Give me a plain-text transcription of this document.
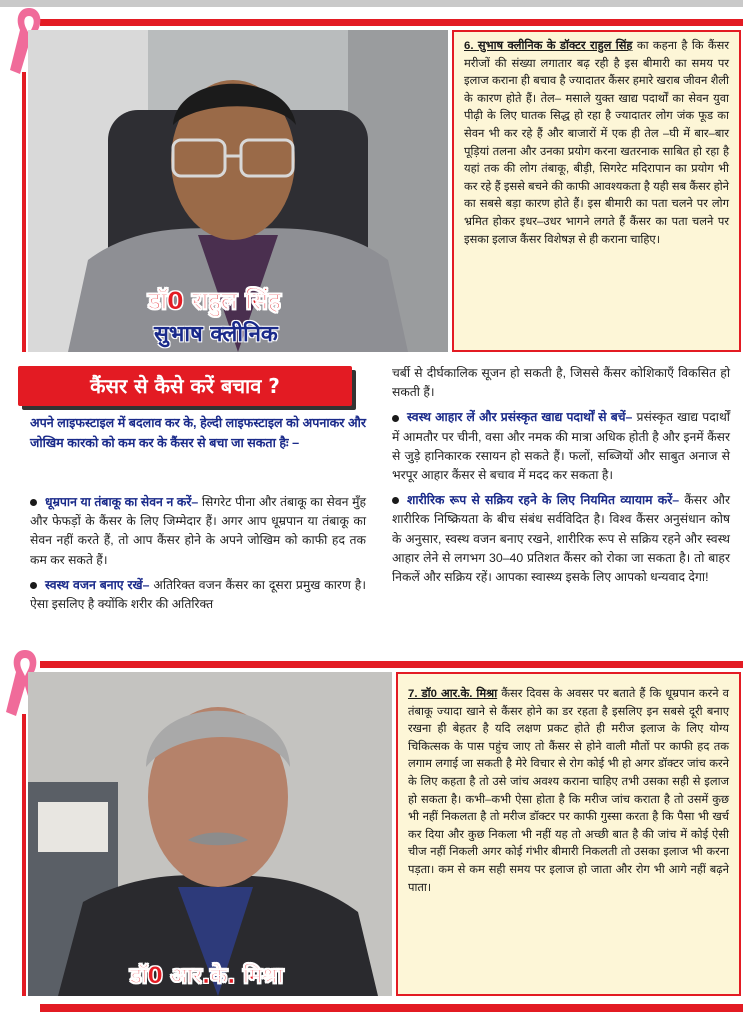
डॉ0 राहुल सिंह
सुभाष क्लीनिक

6. सुभाष क्लीनिक के डॉक्टर राहुल सिंह का कहना है कि कैंसर मरीजों की संख्या लगातार बढ़ रही है इस बीमारी का समय पर इलाज कराना ही बचाव है ज्यादातर कैंसर हमारे खराब जीवन शैली के कारण होते हैं। तेल– मसाले युक्त खाद्य पदार्थों का सेवन युवा पीढ़ी के लिए घातक सिद्ध हो रहा है ज्यादातर लोग जंक फूड का सेवन भी कर रहे हैं और बाजारों में एक ही तेल –घी में बार–बार पूड़ियां तलना और उनका प्रयोग करना खतरनाक साबित हो रहा है यहां तक की लोग तंबाकू, बीड़ी, सिगरेट मदिरापान का प्रयोग भी कर रहे हैं इससे बचने की काफी आवश्यकता है यही सब कैंसर होने का सबसे बड़ा कारण होते हैं। इस बीमारी का पता चलने पर लोग भ्रमित होकर इधर–उधर भागने लगते हैं कैंसर का पता चलने पर इसका इलाज कैंसर विशेषज्ञ से ही कराना चाहिए।

कैंसर से कैसे करें बचाव ?

अपने लाइफस्टाइल में बदलाव कर के, हेल्दी लाइफस्टाइल को अपनाकर और जोखिम कारको को कम कर के कैंसर से बचा जा सकता हैः –

धूम्रपान या तंबाकू का सेवन न करें– सिगरेट पीना और तंबाकू का सेवन मुँह और फेफड़ों के कैंसर के लिए जिम्मेदार हैं। अगर आप धूम्रपान या तंबाकू का सेवन नहीं करते हैं, तो आप कैंसर होने के अपने जोखिम को काफी हद तक कम कर सकते हैं।

स्वस्थ वजन बनाए रखें– अतिरिक्त वजन कैंसर का दूसरा प्रमुख कारण है। ऐसा इसलिए है क्योंकि शरीर की अतिरिक्त

चर्बी से दीर्घकालिक सूजन हो सकती है, जिससे कैंसर कोशिकाएँ विकसित हो सकती हैं।

स्वस्थ आहार लें और प्रसंस्कृत खाद्य पदार्थों से बचें– प्रसंस्कृत खाद्य पदार्थों में आमतौर पर चीनी, वसा और नमक की मात्रा अधिक होती है और इनमें कैंसर से जुड़े हानिकारक रसायन हो सकते हैं। फलों, सब्जियों और साबुत अनाज से भरपूर आहार कैंसर से बचाव में मदद कर सकता है।

शारीरिक रूप से सक्रिय रहने के लिए नियमित व्यायाम करें– कैंसर और शारीरिक निष्क्रियता के बीच संबंध सर्वविदित है। विश्व कैंसर अनुसंधान कोष के अनुसार, स्वस्थ वजन बनाए रखने, शारीरिक रूप से सक्रिय रहने और स्वस्थ आहार लेने से लगभग 30–40 प्रतिशत कैंसर को रोका जा सकता है। तो बाहर निकलें और सक्रिय रहें। आपका स्वास्थ्य इसके लिए आपको धन्यवाद देगा!

डॉ0 आर.के. मिश्रा

7. डॉ0 आर.के. मिश्रा कैंसर दिवस के अवसर पर बताते हैं कि धूम्रपान करने व तंबाकू ज्यादा खाने से कैंसर होने का डर रहता है इसलिए इन सबसे दूरी बनाए रखना ही बेहतर है यदि लक्षण प्रकट होते ही मरीज इलाज के लिए योग्य चिकित्सक के पास पहुंच जाए तो कैंसर से होने वाली मौतों पर काफी हद तक लगाम लगाई जा सकती है मेरे विचार से रोग कोई भी हो अगर डॉक्टर जांच करने के लिए कहता है तो उसे जांच अवश्य कराना चाहिए तभी उसका सही से इलाज हो सकता है। कभी–कभी ऐसा होता है कि मरीज जांच कराता है तो उसमें कुछ भी नहीं निकलता है तो मरीज डॉक्टर पर काफी गुस्सा करता है कि पैसा भी खर्च कर दिया और कुछ निकला भी नहीं यह तो अच्छी बात है की जांच में कोई ऐसी चीज नहीं निकली अगर कोई गंभीर बीमारी निकलती तो उसका इलाज भी करना पड़ता। कम से कम सही समय पर इलाज हो जाता और रोग भी आगे नहीं बढ़ने पाता।
